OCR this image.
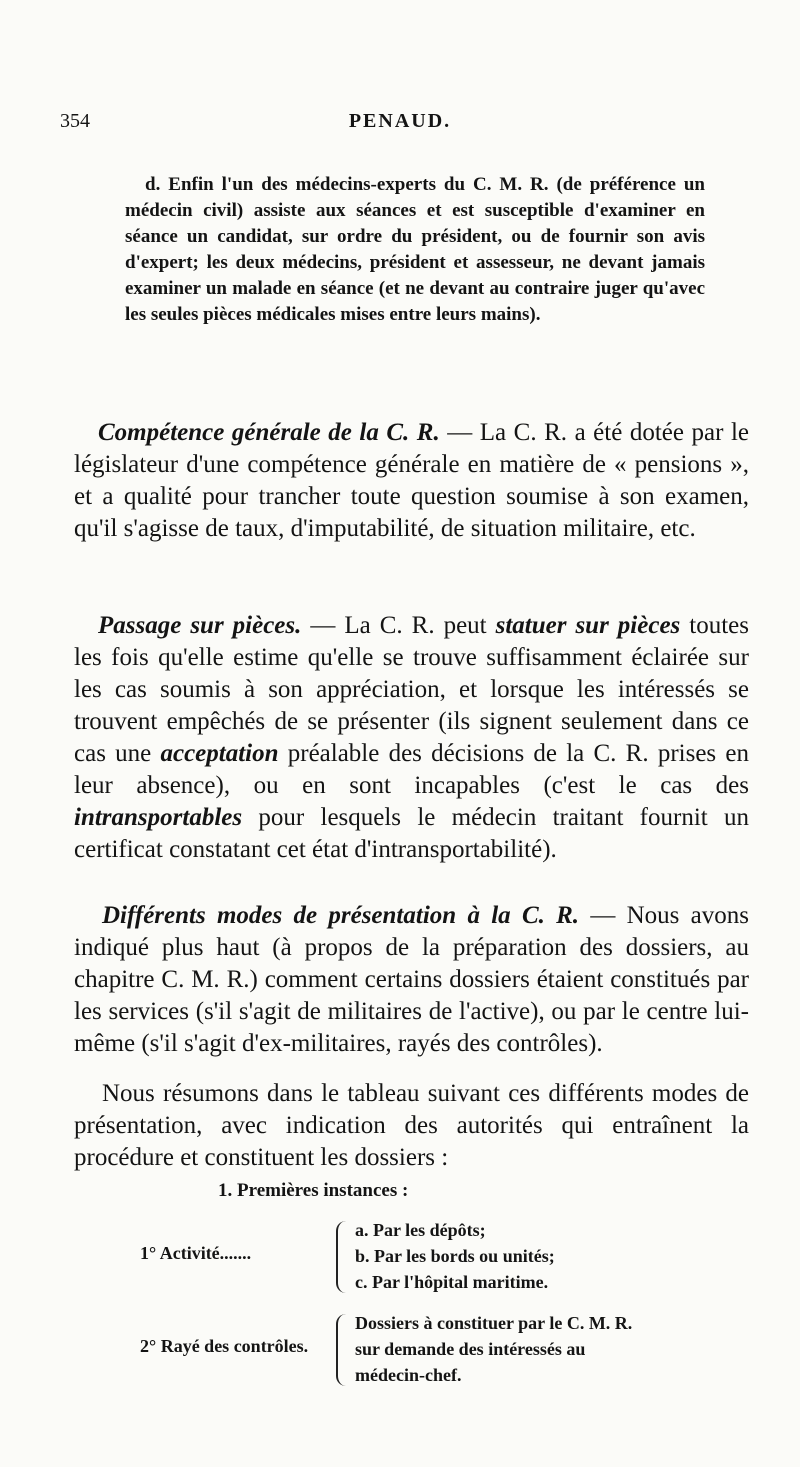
354	PENAUD.

d. Enfin l'un des médecins-experts du C. M. R. (de préférence un médecin civil) assiste aux séances et est susceptible d'examiner en séance un candidat, sur ordre du président, ou de fournir son avis d'expert; les deux médecins, président et assesseur, ne devant jamais examiner un malade en séance (et ne devant au contraire juger qu'avec les seules pièces médicales mises entre leurs mains).

Compétence générale de la C. R. — La C. R. a été dotée par le législateur d'une compétence générale en matière de « pensions », et a qualité pour trancher toute question soumise à son examen, qu'il s'agisse de taux, d'imputabilité, de situation militaire, etc.

Passage sur pièces. — La C. R. peut statuer sur pièces toutes les fois qu'elle estime qu'elle se trouve suffisamment éclairée sur les cas soumis à son appréciation, et lorsque les intéressés se trouvent empêchés de se présenter (ils signent seulement dans ce cas une acceptation préalable des décisions de la C. R. prises en leur absence), ou en sont incapables (c'est le cas des intransportables pour lesquels le médecin traitant fournit un certificat constatant cet état d'intransportabilité).

Différents modes de présentation à la C. R. — Nous avons indiqué plus haut (à propos de la préparation des dossiers, au chapitre C. M. R.) comment certains dossiers étaient constitués par les services (s'il s'agit de militaires de l'active), ou par le centre lui-même (s'il s'agit d'ex-militaires, rayés des contrôles).

Nous résumons dans le tableau suivant ces différents modes de présentation, avec indication des autorités qui entraînent la procédure et constituent les dossiers :

1. Premières instances :
1° Activité.......
a. Par les dépôts;
b. Par les bords ou unités;
c. Par l'hôpital maritime.
2° Rayé des contrôles.
Dossiers à constituer par le C. M. R.
sur demande des intéressés au
médecin-chef.
